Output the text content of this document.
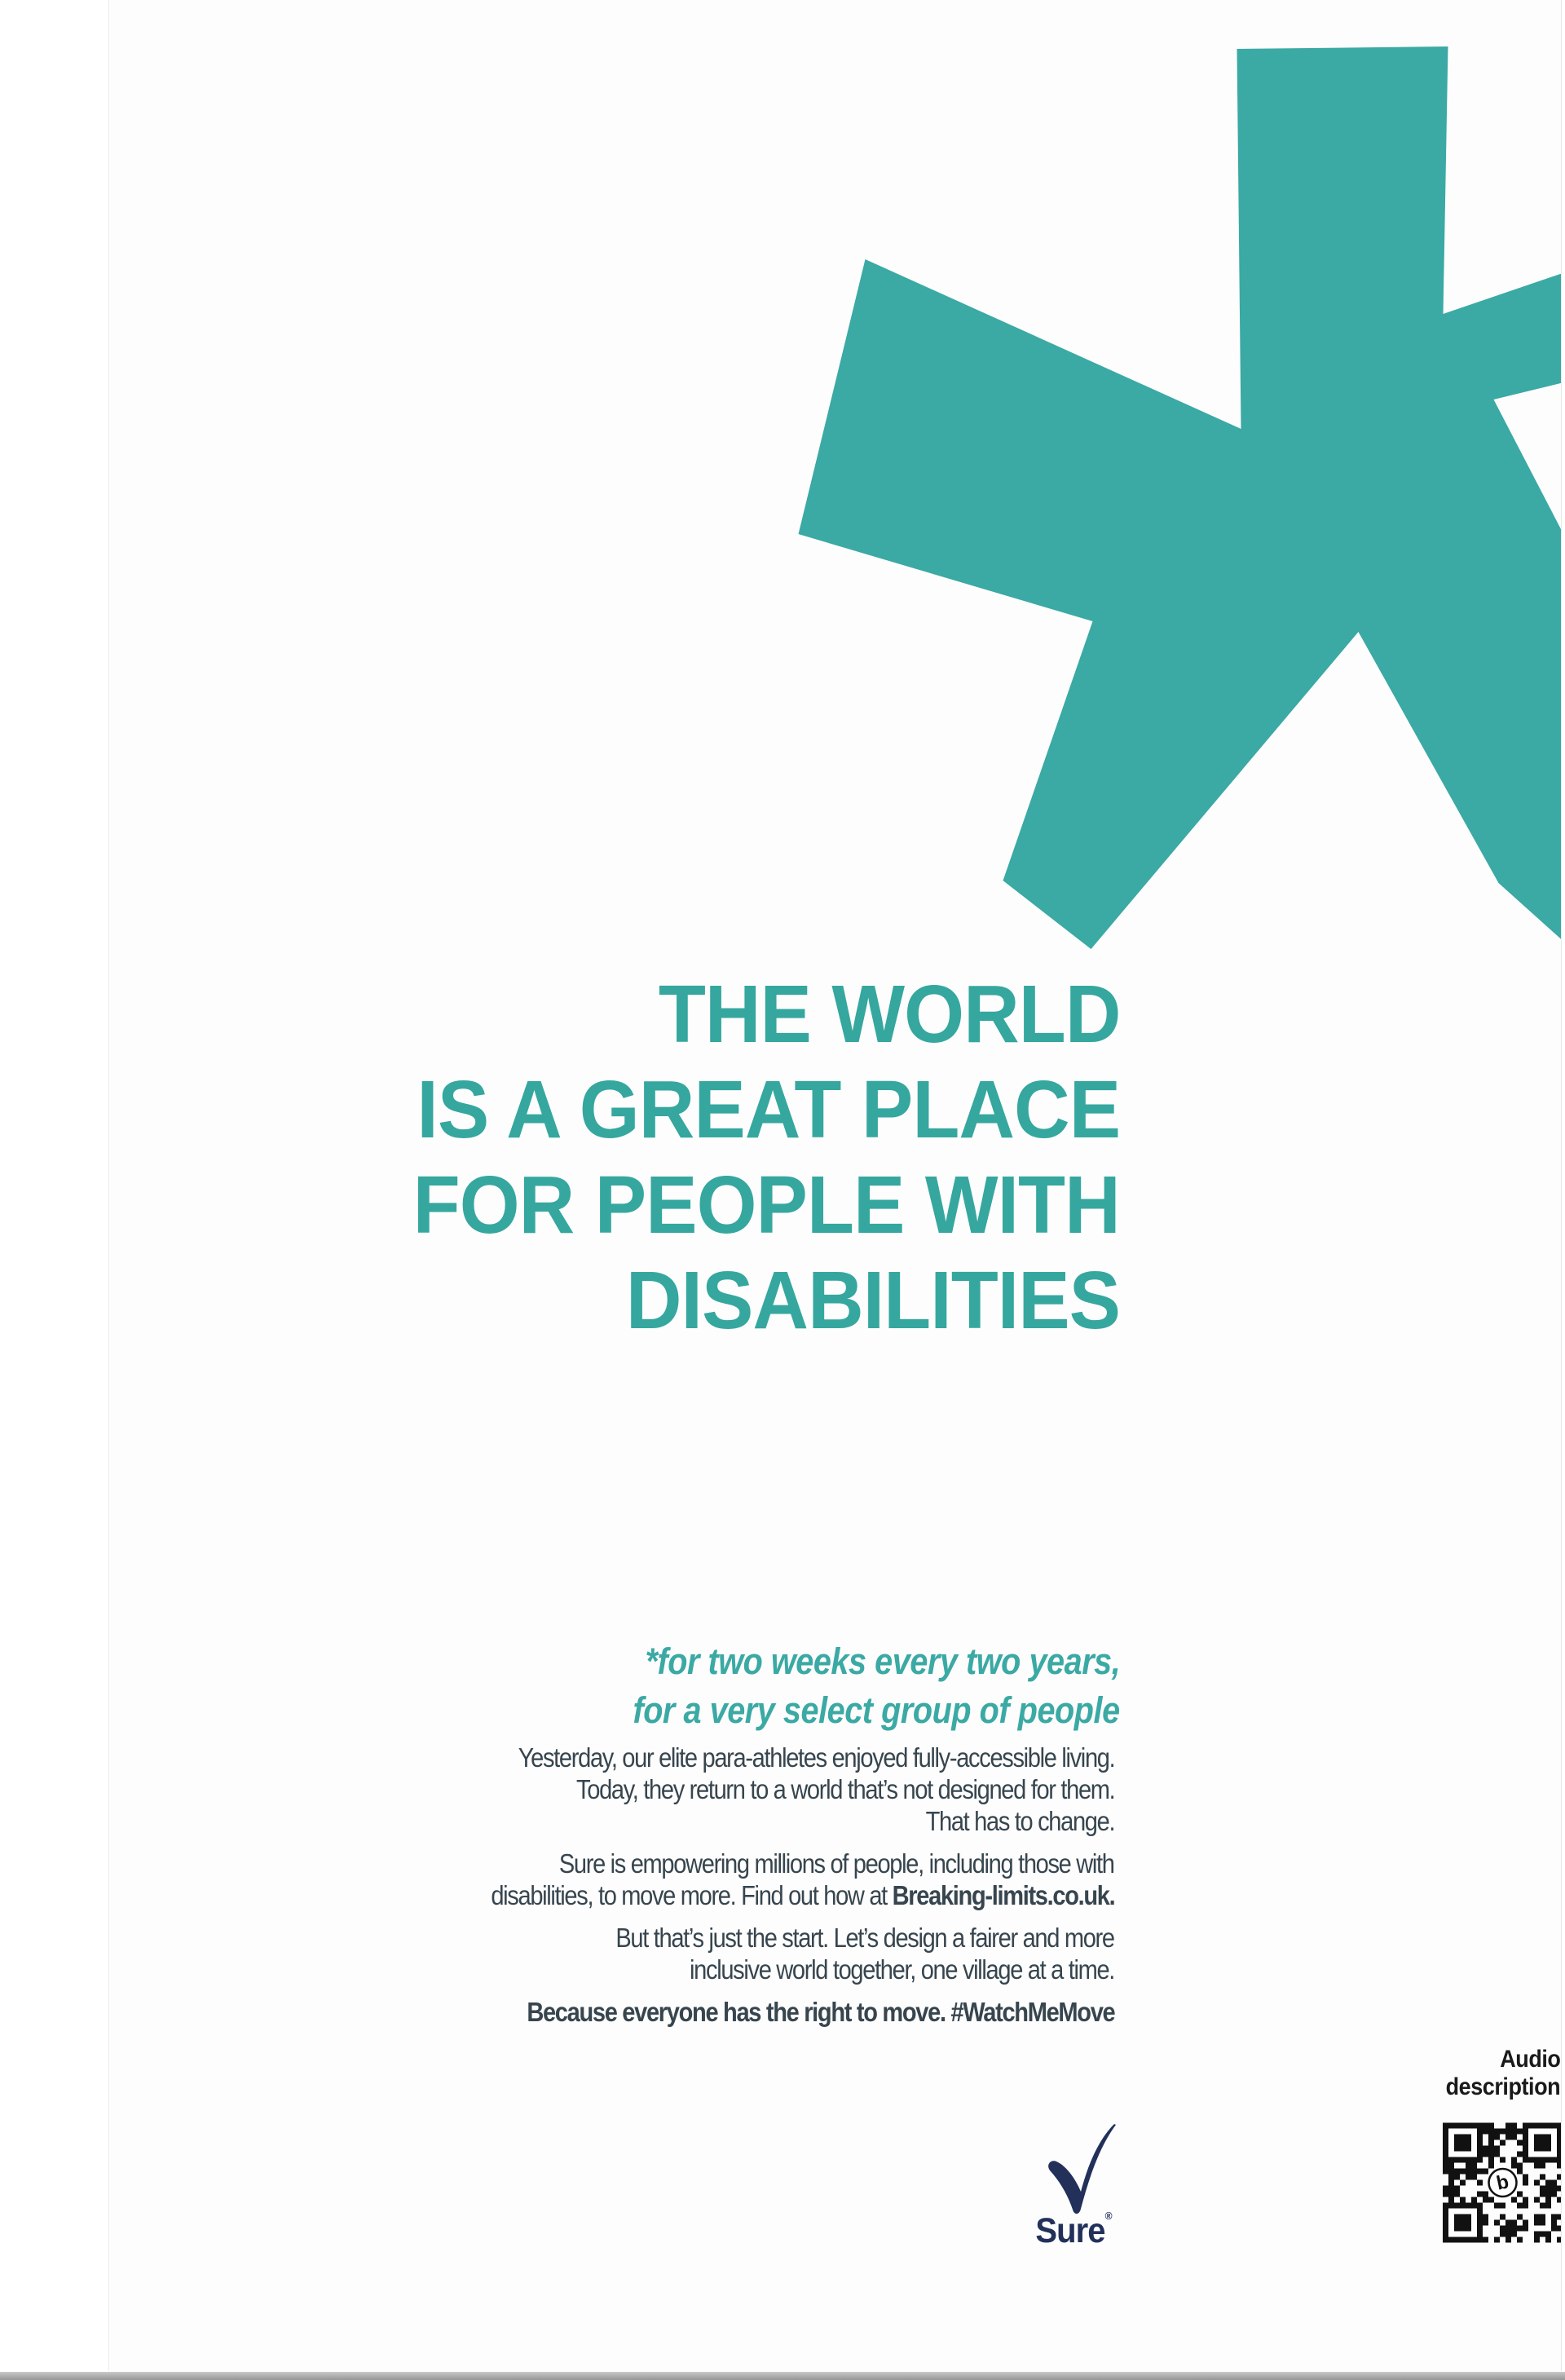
THE WORLD
IS A GREAT PLACE
FOR PEOPLE WITH
DISABILITIES
*for two weeks every two years,
for a very select group of people
Yesterday, our elite para-athletes enjoyed fully-accessible living.
Today, they return to a world that’s not designed for them.
That has to change.
Sure is empowering millions of people, including those with
disabilities, to move more. Find out how at Breaking-limits.co.uk.
But that’s just the start. Let’s design a fairer and more
inclusive world together, one village at a time.
Because everyone has the right to move. #WatchMeMove
Audio
description
b
Sure®
